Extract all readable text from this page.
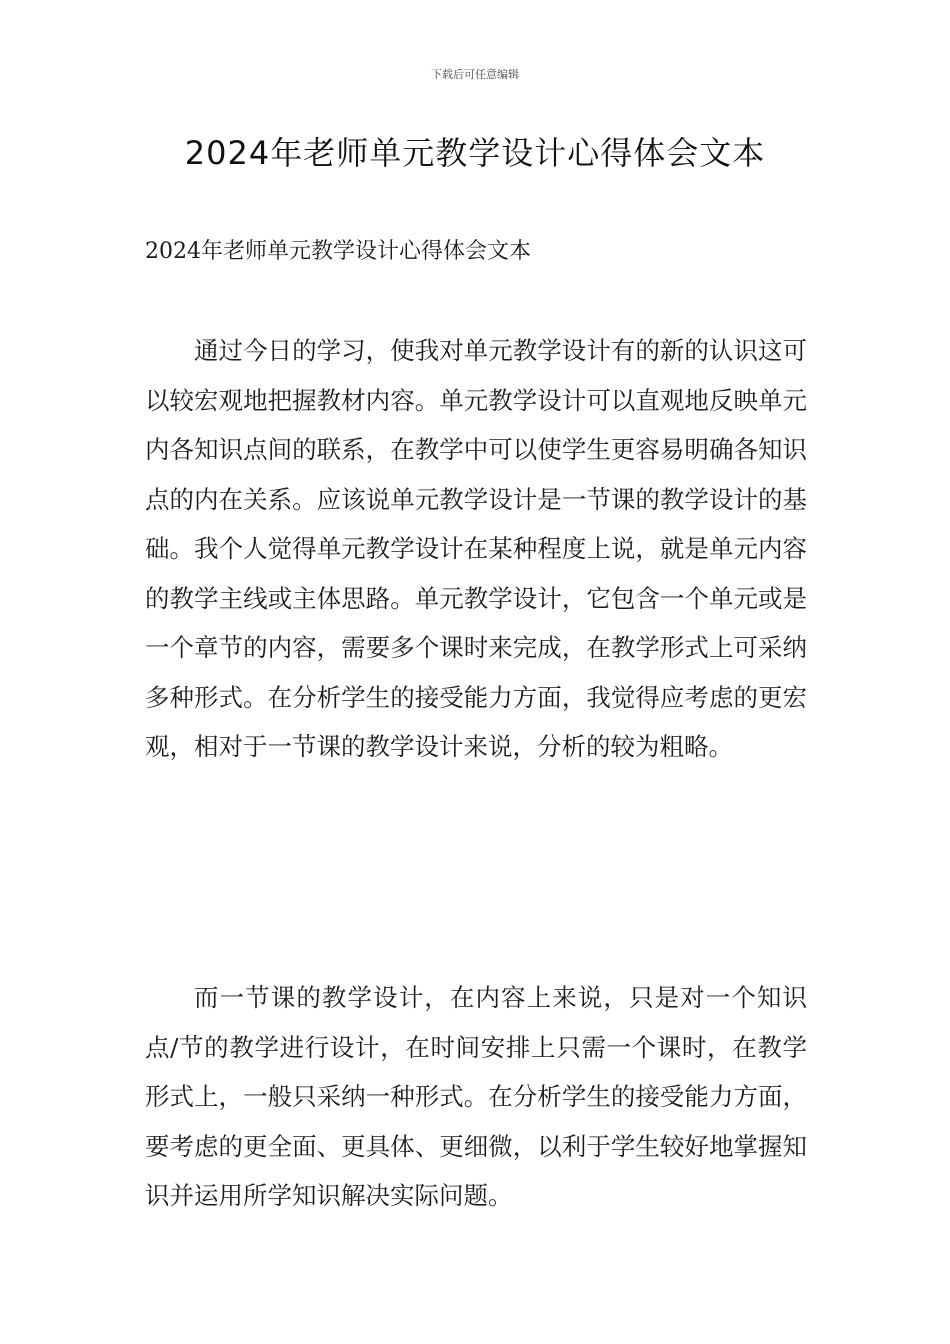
下载后可任意编辑
2024年老师单元教学设计心得体会文本

2024年老师单元教学设计心得体会文本

通过今日的学习，使我对单元教学设计有的新的认识这可以较宏观地把握教材内容。单元教学设计可以直观地反映单元内各知识点间的联系，在教学中可以使学生更容易明确各知识点的内在关系。应该说单元教学设计是一节课的教学设计的基础。我个人觉得单元教学设计在某种程度上说，就是单元内容的教学主线或主体思路。单元教学设计，它包含一个单元或是一个章节的内容，需要多个课时来完成，在教学形式上可采纳多种形式。在分析学生的接受能力方面，我觉得应考虑的更宏观，相对于一节课的教学设计来说，分析的较为粗略。

而一节课的教学设计，在内容上来说，只是对一个知识点/节的教学进行设计，在时间安排上只需一个课时，在教学形式上，一般只采纳一种形式。在分析学生的接受能力方面，要考虑的更全面、更具体、更细微，以利于学生较好地掌握知识并运用所学知识解决实际问题。
